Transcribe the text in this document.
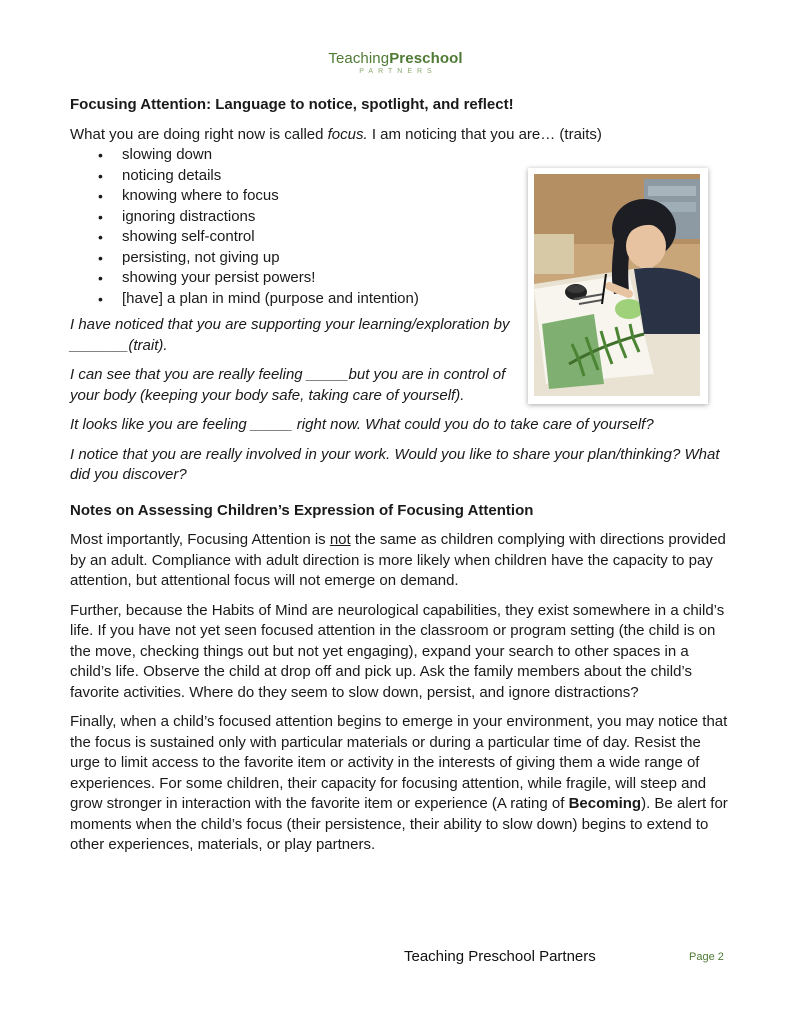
TeachingPreschool
PARTNERS
Focusing Attention: Language to notice, spotlight, and reflect!

What you are doing right now is called focus. I am noticing that you are… (traits)

• slowing down
• noticing details
• knowing where to focus
• ignoring distractions
• showing self-control
• persisting, not giving up
• showing your persist powers!
• [have] a plan in mind (purpose and intention)

I have noticed that you are supporting your learning/exploration by _______(trait).

I can see that you are really feeling _____but you are in control of your body (keeping your body safe, taking care of yourself).

It looks like you are feeling _____ right now. What could you do to take care of yourself?

I notice that you are really involved in your work. Would you like to share your plan/thinking? What did you discover?

Notes on Assessing Children’s Expression of Focusing Attention

Most importantly, Focusing Attention is not the same as children complying with directions provided by an adult. Compliance with adult direction is more likely when children have the capacity to pay attention, but attentional focus will not emerge on demand.

Further, because the Habits of Mind are neurological capabilities, they exist somewhere in a child’s life. If you have not yet seen focused attention in the classroom or program setting (the child is on the move, checking things out but not yet engaging), expand your search to other spaces in a child’s life. Observe the child at drop off and pick up. Ask the family members about the child’s favorite activities. Where do they seem to slow down, persist, and ignore distractions?

Finally, when a child’s focused attention begins to emerge in your environment, you may notice that the focus is sustained only with particular materials or during a particular time of day. Resist the urge to limit access to the favorite item or activity in the interests of giving them a wide range of experiences. For some children, their capacity for focusing attention, while fragile, will steep and grow stronger in interaction with the favorite item or experience (A rating of Becoming). Be alert for moments when the child’s focus (their persistence, their ability to slow down) begins to extend to other experiences, materials, or play partners.

Teaching Preschool Partners	Page 2
